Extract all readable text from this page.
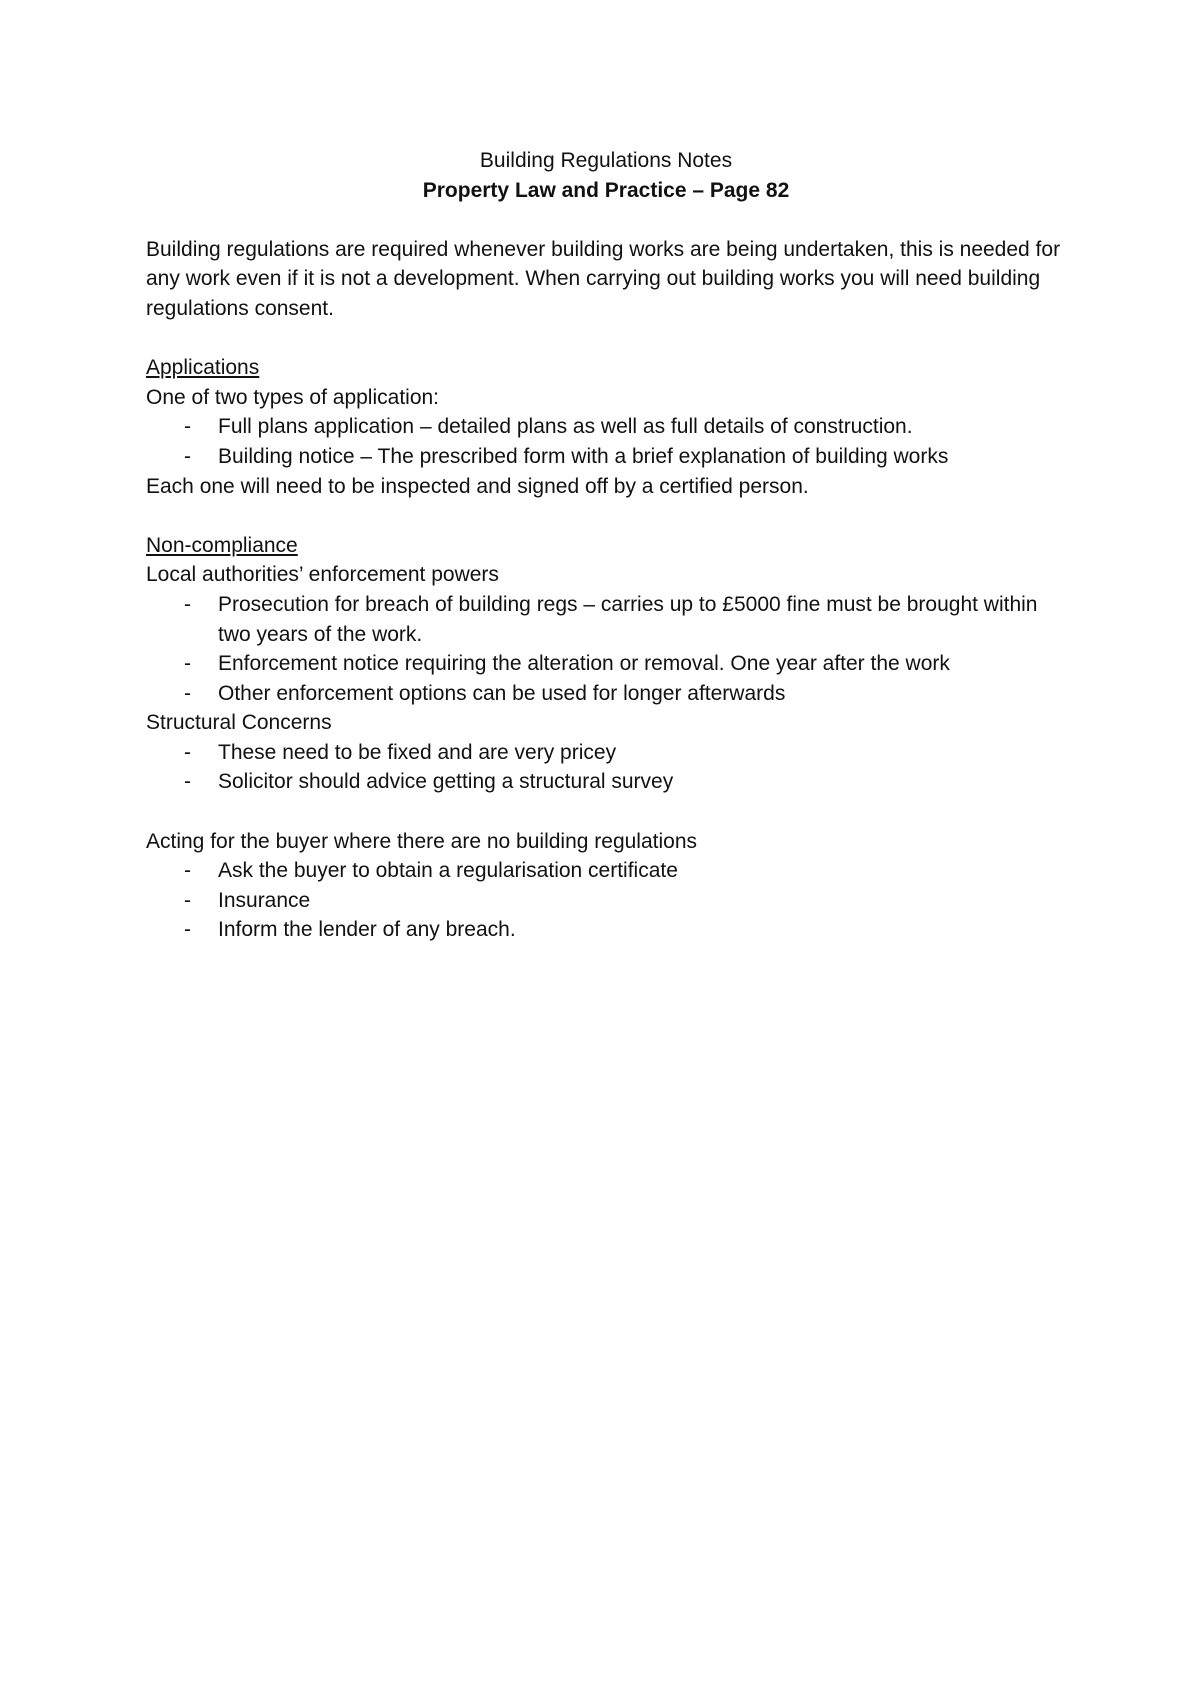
Building Regulations Notes

Property Law and Practice – Page 82

Building regulations are required whenever building works are being undertaken, this is needed for any work even if it is not a development. When carrying out building works you will need building regulations consent.

Applications

One of two types of application:

- Full plans application – detailed plans as well as full details of construction.
- Building notice – The prescribed form with a brief explanation of building works

Each one will need to be inspected and signed off by a certified person.

Non-compliance

Local authorities’ enforcement powers

- Prosecution for breach of building regs – carries up to £5000 fine must be brought within two years of the work.
- Enforcement notice requiring the alteration or removal. One year after the work
- Other enforcement options can be used for longer afterwards

Structural Concerns

- These need to be fixed and are very pricey
- Solicitor should advice getting a structural survey

Acting for the buyer where there are no building regulations

- Ask the buyer to obtain a regularisation certificate
- Insurance
- Inform the lender of any breach.
